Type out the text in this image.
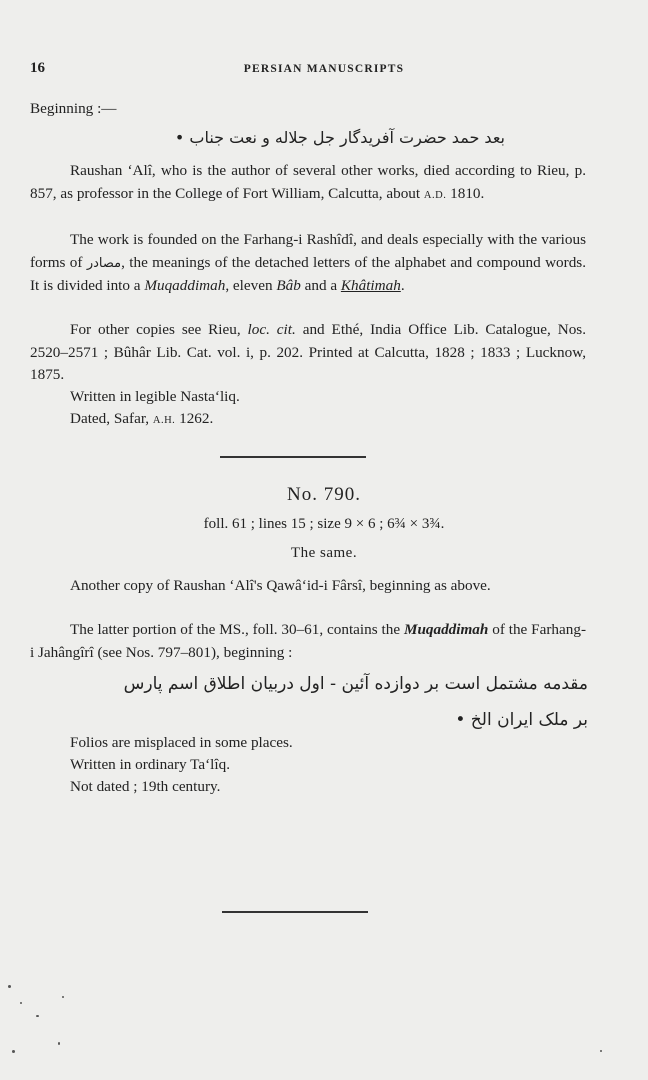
16	PERSIAN MANUSCRIPTS
Beginning :—
بعد حمد حضرت آفریدگار جل جلاله و نعت جناب •
Raushan ‘Alî, who is the author of several other works, died according to Rieu, p. 857, as professor in the College of Fort William, Calcutta, about A.D. 1810.
The work is founded on the Farhang-i Rashîdî, and deals especially with the various forms of مصادر, the meanings of the detached letters of the alphabet and compound words. It is divided into a Muqaddimah, eleven Bâb and a Khâtimah.
For other copies see Rieu, loc. cit. and Ethé, India Office Lib. Catalogue, Nos. 2520–2571 ; Bûhâr Lib. Cat. vol. i, p. 202. Printed at Calcutta, 1828 ; 1833 ; Lucknow, 1875.
Written in legible Nasta‘liq.
Dated, Safar, A.H. 1262.
No. 790.
foll. 61 ; lines 15 ; size 9 × 6 ; 6¾ × 3¾.
The same.
Another copy of Raushan ‘Alî's Qawâ‘id-i Fârsî, beginning as above.
The latter portion of the MS., foll. 30–61, contains the Muqaddimah of the Farhang-i Jahângîrî (see Nos. 797–801), beginning :
مقدمه مشتمل است بر دوازده آئین - اول دربیان اطلاق اسم پارس
بر ملک ایران الخ •
Folios are misplaced in some places.
Written in ordinary Ta‘lîq.
Not dated ; 19th century.
